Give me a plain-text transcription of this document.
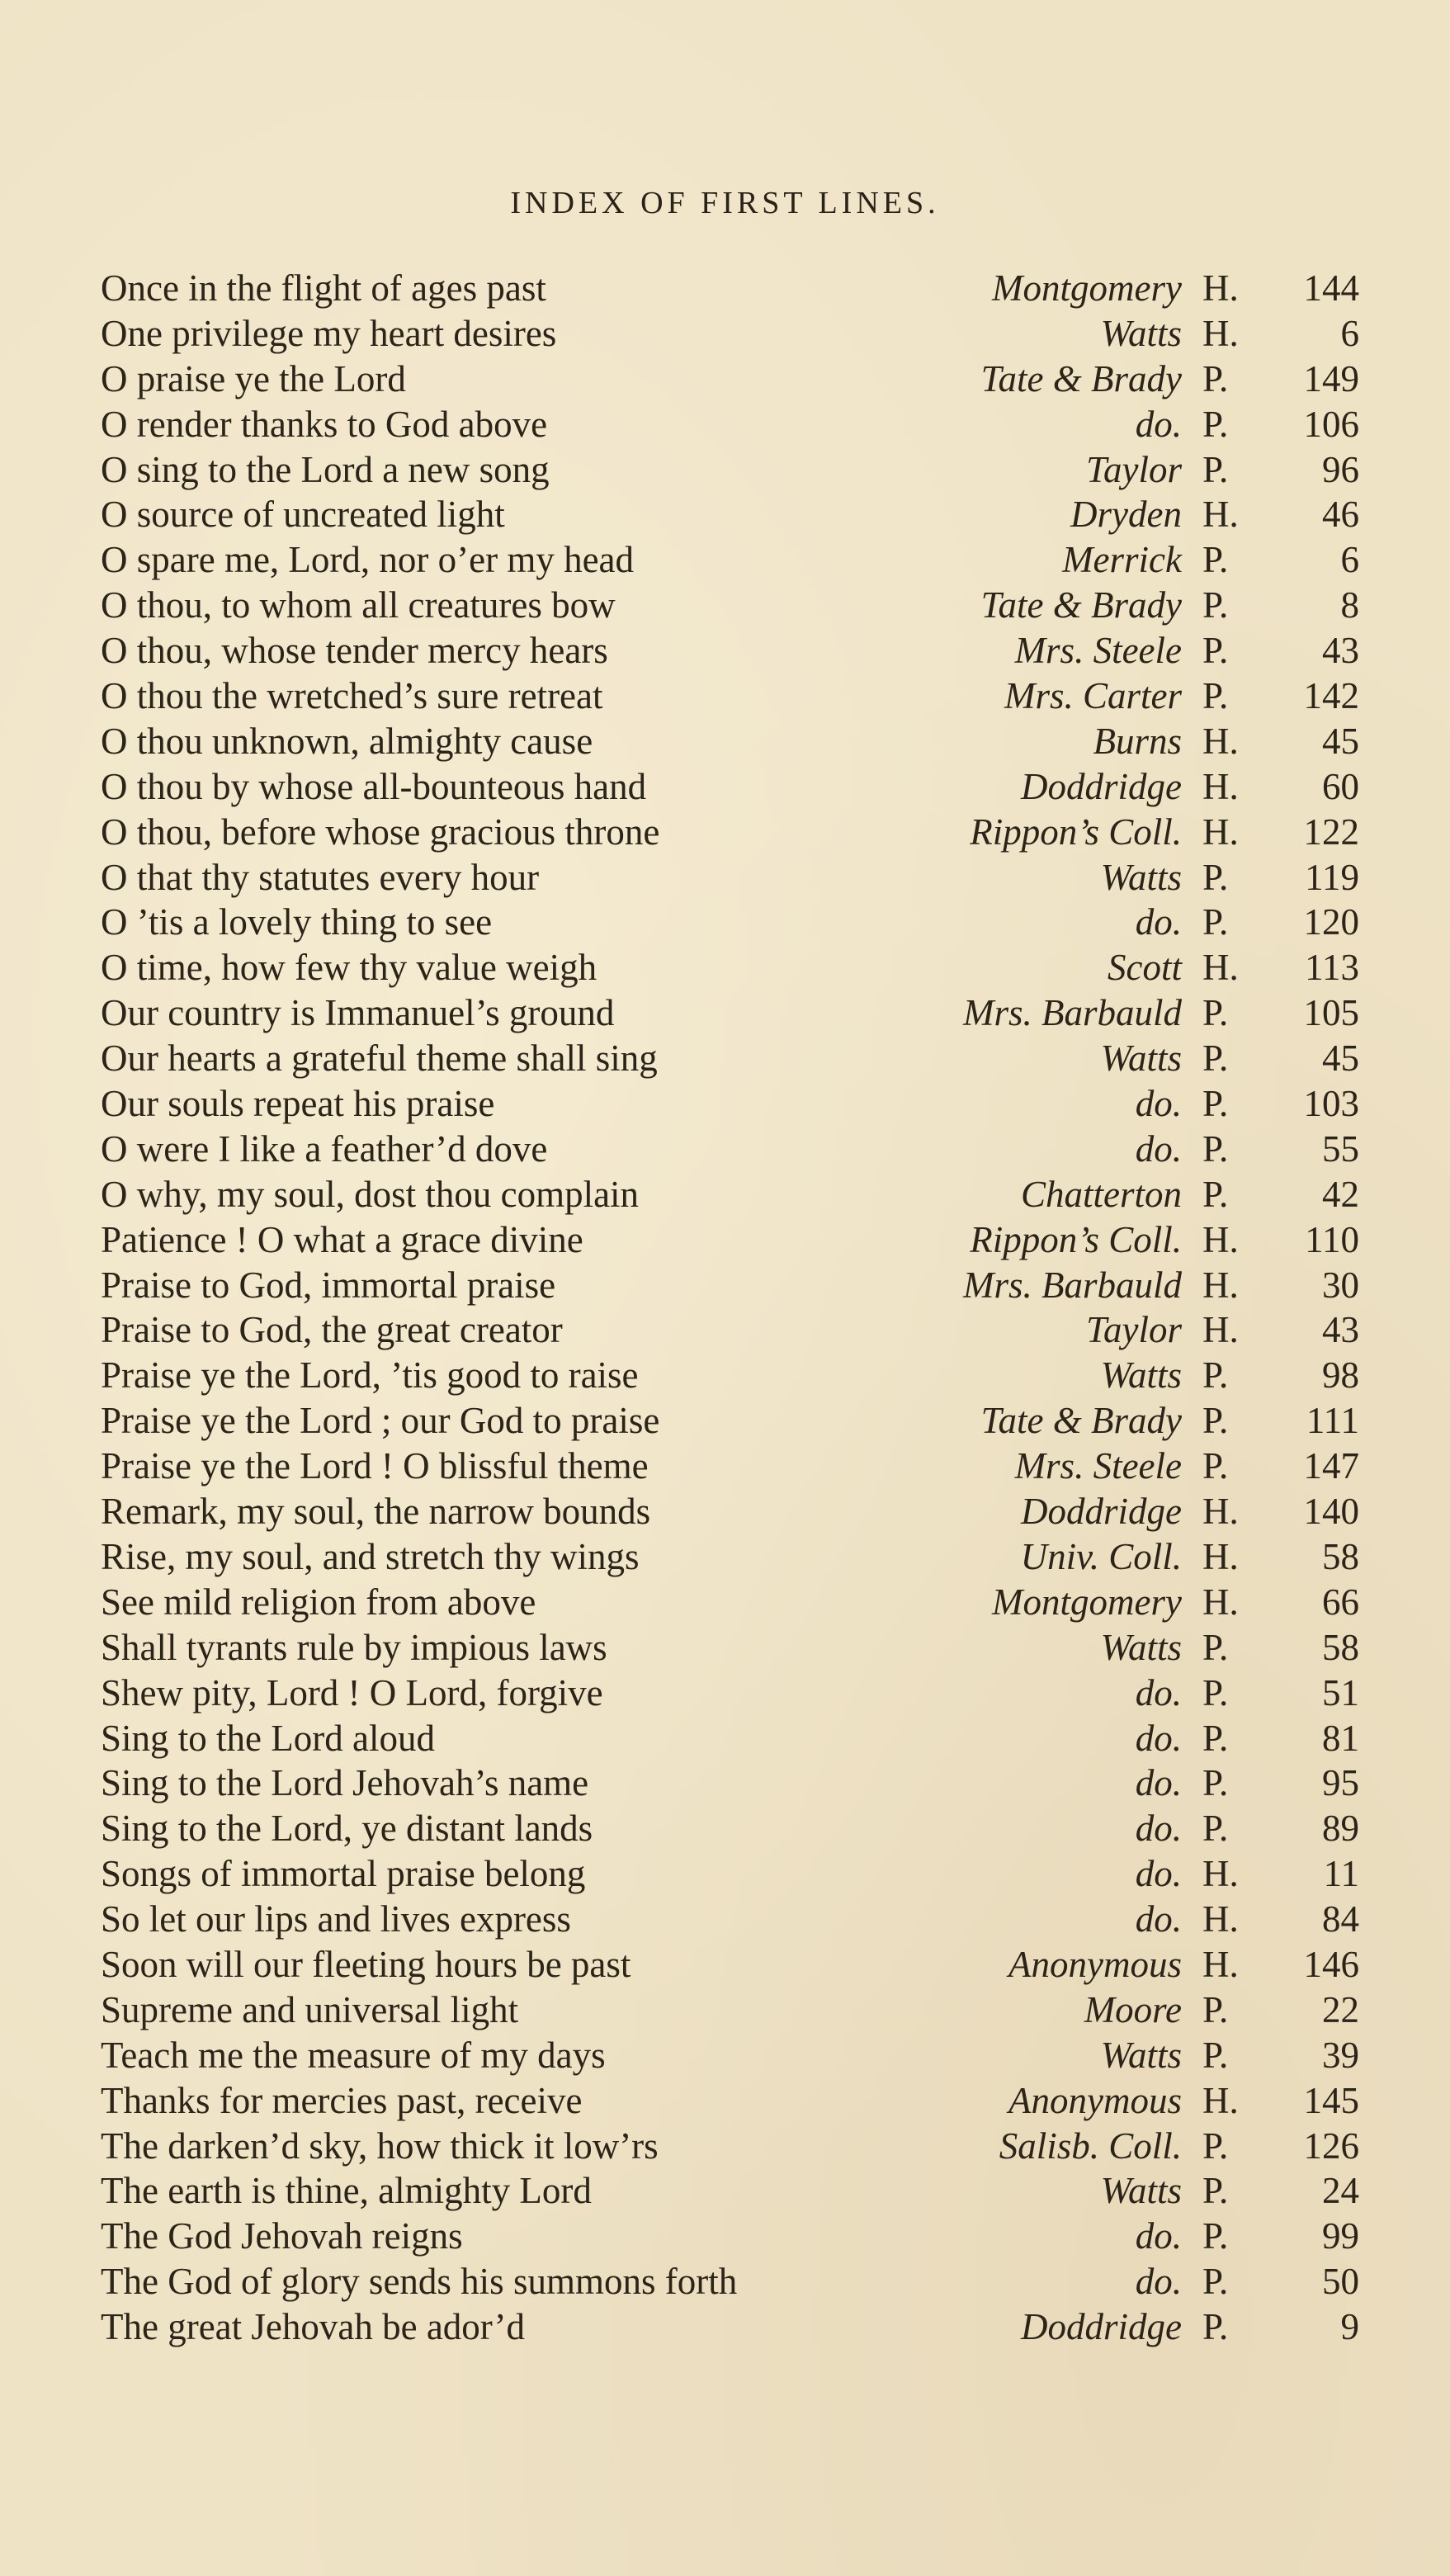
INDEX OF FIRST LINES.
Once in the flight of ages past	Montgomery H.	144
One privilege my heart desires	Watts H.	6
O praise ye the Lord	Tate & Brady P.	149
O render thanks to God above	do. P.	106
O sing to the Lord a new song	Taylor P.	96
O source of uncreated light	Dryden H.	46
O spare me, Lord, nor o’er my head	Merrick P.	6
O thou, to whom all creatures bow	Tate & Brady P.	8
O thou, whose tender mercy hears	Mrs. Steele P.	43
O thou the wretched’s sure retreat	Mrs. Carter P.	142
O thou unknown, almighty cause	Burns H.	45
O thou by whose all-bounteous hand	Doddridge H.	60
O thou, before whose gracious throne	Rippon’s Coll. H.	122
O that thy statutes every hour	Watts P.	119
O ’tis a lovely thing to see	do. P.	120
O time, how few thy value weigh	Scott H.	113
Our country is Immanuel’s ground	Mrs. Barbauld P.	105
Our hearts a grateful theme shall sing	Watts P.	45
Our souls repeat his praise	do. P.	103
O were I like a feather’d dove	do. P.	55
O why, my soul, dost thou complain	Chatterton P.	42
Patience ! O what a grace divine	Rippon’s Coll. H.	110
Praise to God, immortal praise	Mrs. Barbauld H.	30
Praise to God, the great creator	Taylor H.	43
Praise ye the Lord, ’tis good to raise	Watts P.	98
Praise ye the Lord ; our God to praise	Tate & Brady P.	111
Praise ye the Lord ! O blissful theme	Mrs. Steele P.	147
Remark, my soul, the narrow bounds	Doddridge H.	140
Rise, my soul, and stretch thy wings	Univ. Coll. H.	58
See mild religion from above	Montgomery H.	66
Shall tyrants rule by impious laws	Watts P.	58
Shew pity, Lord ! O Lord, forgive	do. P.	51
Sing to the Lord aloud	do. P.	81
Sing to the Lord Jehovah’s name	do. P.	95
Sing to the Lord, ye distant lands	do. P.	89
Songs of immortal praise belong	do. H.	11
So let our lips and lives express	do. H.	84
Soon will our fleeting hours be past	Anonymous H.	146
Supreme and universal light	Moore P.	22
Teach me the measure of my days	Watts P.	39
Thanks for mercies past, receive	Anonymous H.	145
The darken’d sky, how thick it low’rs	Salisb. Coll. P.	126
The earth is thine, almighty Lord	Watts P.	24
The God Jehovah reigns	do. P.	99
The God of glory sends his summons forth	do. P.	50
The great Jehovah be ador’d	Doddridge P.	9
